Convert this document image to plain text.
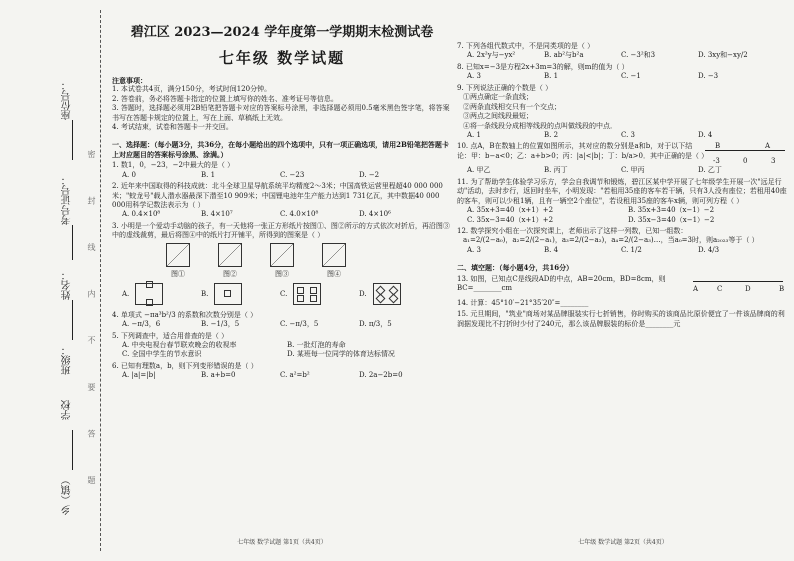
座位号：
考号证号：
姓名：
班级：
学校
乡（镇） 密 封 线 内 不 要 答 题
碧江区 2023—2024 学年度第一学期期末检测试卷
七年级 数学试题
注意事项：
1. 本试卷共4页，满分150分，考试时间120分钟。
2. 答卷前，务必将答题卡指定的位置上填写你的姓名、准考证号等信息。
3. 答题时，选择题必须用2B铅笔把答题卡对应的答案标号涂黑，非选择题必须用0.5毫米黑色签字笔，将答案书写在答题卡规定的位置上，写在上面、草稿纸上无效。
4. 考试结束，试卷和答题卡一并交回。
一、选择题：（每小题3分，共36分，在每小题给出的四个选项中，只有一项正确选项，请用2B铅笔把答题卡上对应题目的答案标号涂黑、涂满。）
1. 数1，0，−23，−2中最大的是（ ）
A. 0	B. 1	C. −23	D. −2
2. 近年来中国取得的科技成就：北斗全球卫星导航系统平均精度2～3米；中国高铁运营里程超40 000 000米；"蛟龙号"载人潜水器最深下潜至10 909米；中国锂电池年生产能力达到1 731亿瓦，其中数据40 000 000用科学记数法表示为（ ）
A. 0.4×10⁸	B. 4×10⁷	C. 4.0×10⁸	D. 4×10⁶
3. 小明是一个爱动手动脑的孩子，有一天他将一张正方形纸片按图①、图②所示的方式依次对折后，再沿图③中的虚线裁剪，最后将图④中的纸片打开铺平，所得到的图案是（ ）
图①	图②	图③	图④
A.	B.	C.	D.
4. 单项式 −πa³b²/3 的系数和次数分别是（ ）
A. −π/3，6	B. −1/3，5	C. −π/3，5	D. π/3，5
5. 下列调查中，适合用普查的是（ ）
A. 中央电视台春节联欢晚会的收视率	B. 一批灯泡的寿命
C. 全国中学生的节水意识	D. 某班每一位同学的体育达标情况
6. 已知有理数a，b，则下列变形错误的是（ ）
A. |a|=|b|	B. a+b=0	C. a²=b²	D. 2a−2b=0
七年级 数学试题 第1页（共4页）
7. 下列各组代数式中，不是同类项的是（ ）
A. 2x²y与−yx²	B. ab²与b²a	C. −3²和3	D. 3xy和−xy/2
8. 已知x=−3是方程2x+3m=3的解，则m的值为（ ）
A. 3	B. 1	C. −1	D. −3
9. 下列说法正确的个数是（ ）
①两点确定一条直线；
②两条直线相交只有一个交点；
③两点之间线段最短；
④将一条线段分成相等线段的点叫做线段的中点．
A. 1	B. 2	C. 3	D. 4
10. 点A，B在数轴上的位置如图所示，其对应的数分别是a和b，对于以下结论：甲：b−a<0；乙：a+b>0；丙：|a|<|b|；丁：b/a>0．其中正确的是（ ）
B	A
-3	0	3
A. 甲乙	B. 丙丁	C. 甲丙	D. 乙丁
11. 为了帮助学生体验学习乐方，学会自我调节和锻炼，碧江区某中学开展了七年级学生开展一次"远足行动"活动，去时步行，返回时坐车，小明发现："若租用35座的客车若干辆，只有3人没有座位；若租用40座的客车，则可以少租1辆，且有一辆空2个座位"，若设租用35座的客车x辆，则可列方程（ ）
A. 35x+3=40（x+1）+2	B. 35x+3=40（x−1）−2
C. 35x−3=40（x+1）+2	D. 35x−3=40（x−1）−2
12. 数学探究小组在一次探究课上，老师出示了这样一列数，已知一组数：
a₁=2/(2−a₀)，a₂=2/(2−a₁)，a₃=2/(2−a₂)，a₄=2/(2−a₃)…，当a₀=3时，则a₂₀₂₃等于（ ）
A. 3	B. 4	C. 1/2	D. 4/3
二、填空题：（每小题4分，共16分）
13. 如图，已知点C是线段AD的中点，AB=20cm，BD=8cm，则BC=________cm	A	C	D	B
14. 计算：45°10′−21°35′20″=________
15. 元旦期间，"筑业"商场对某品牌服装实行七折销售，你时购买的该商品比原价便宜了一件该品牌商的利润据发现比不打折时少付了240元，那么该品牌服装的标价是________元
七年级 数学试题 第2页（共4页）
